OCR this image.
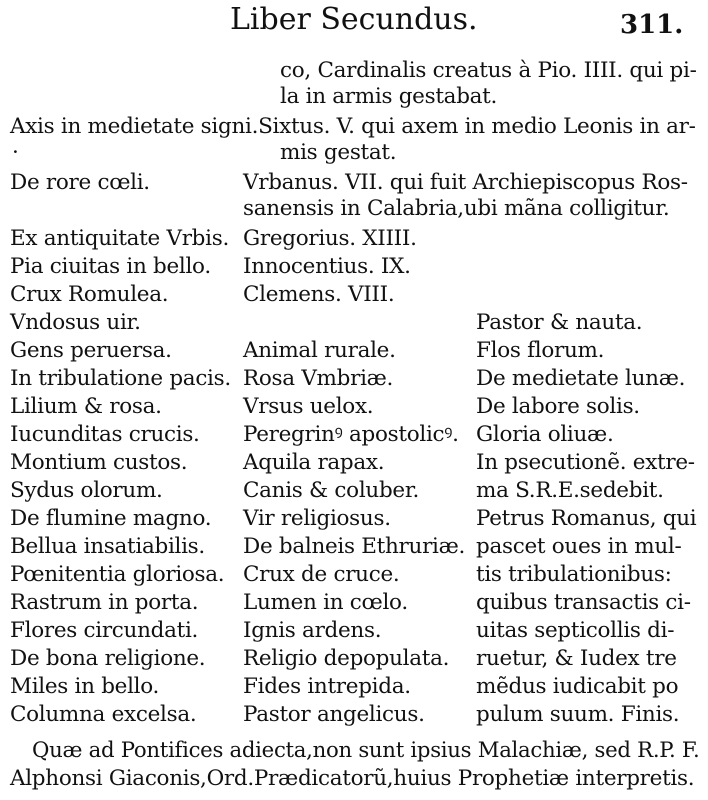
Liber Secundus.	311.
co, Cardinalis creatus à Pio. IIII. qui pi-
la in armis gestabat.
Axis in medietate signi.Sixtus. V. qui axem in medio Leonis in ar-
mis gestat.
·
De rore cœli.
Ex antiquitate Vrbis.
Pia ciuitas in bello.
Crux Romulea.
Vndosus uir.
Gens peruersa.
In tribulatione pacis.
Lilium & rosa.
Iucunditas crucis.
Montium custos.
Sydus olorum.
De flumine magno.
Bellua insatiabilis.
Pœnitentia gloriosa.
Rastrum in porta.
Flores circundati.
De bona religione.
Miles in bello.
Columna excelsa.
Vrbanus. VII. qui fuit Archiepiscopus Ros-
sanensis in Calabria,ubi mãna colligitur.
Gregorius. XIIII.
Innocentius. IX.
Clemens. VIII.
Animal rurale.
Rosa Vmbriæ.
Vrsus uelox.
Peregrinꝰ apostolicꝰ.
Aquila rapax.
Canis & coluber.
Vir religiosus.
De balneis Ethruriæ.
Crux de cruce.
Lumen in cœlo.
Ignis ardens.
Religio depopulata.
Fides intrepida.
Pastor angelicus.
Pastor & nauta.
Flos florum.
De medietate lunæ.
De labore solis.
Gloria oliuæ.
In psecutionẽ. extre-
ma S.R.E.sedebit.
Petrus Romanus, qui
pascet oues in mul-
tis tribulationibus:
quibus transactis ci-
uitas septicollis di-
ruetur, & Iudex tre
mẽdus iudicabit po
pulum suum. Finis.
Quæ ad Pontifices adiecta,non sunt ipsius Malachiæ, sed R.P. F.
Alphonsi Giaconis,Ord.Prædicatorũ,huius Prophetiæ interpretis.
